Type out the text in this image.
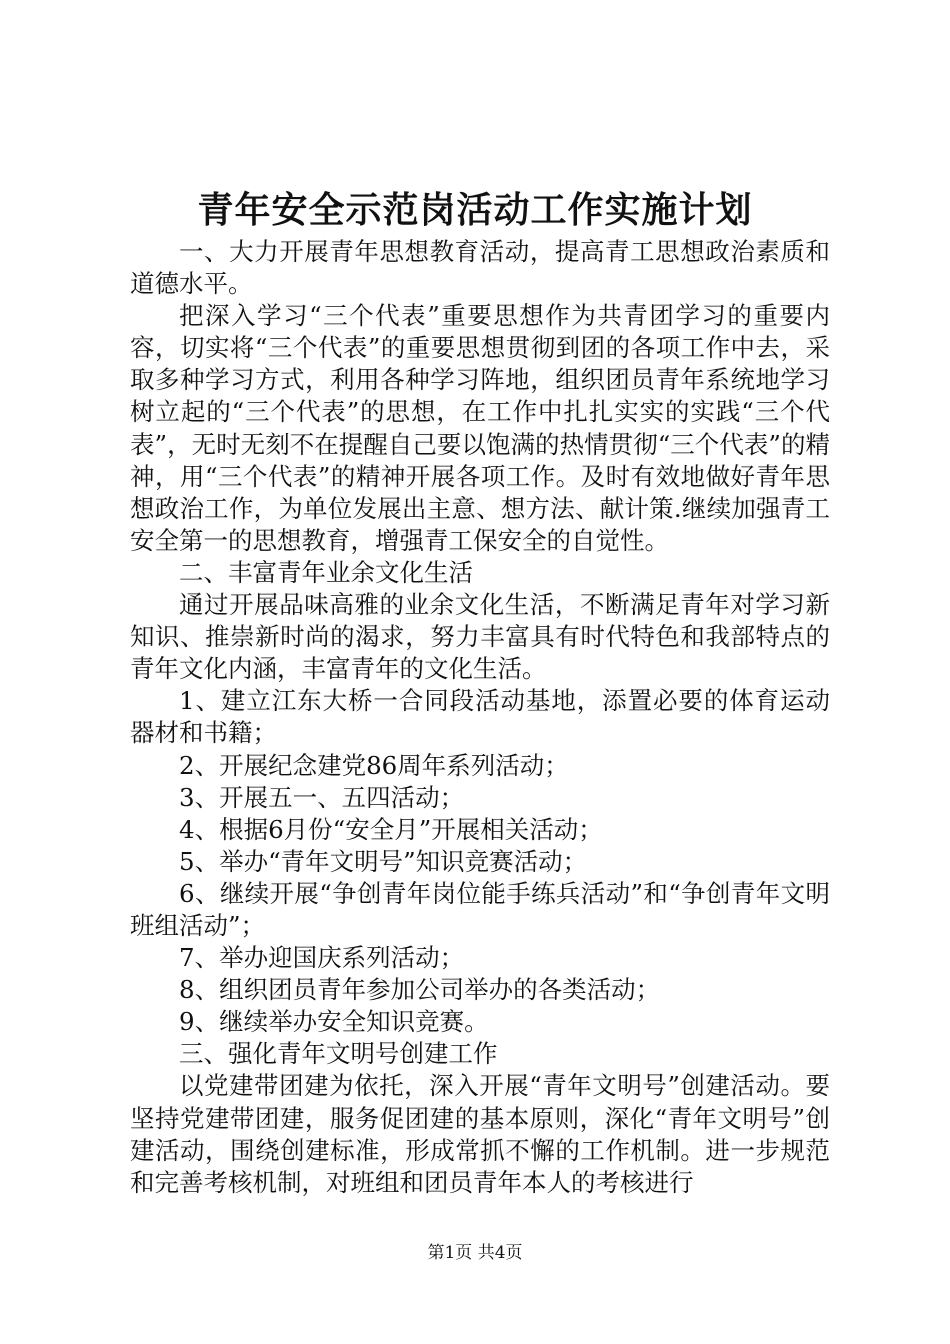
青年安全示范岗活动工作实施计划

一、大力开展青年思想教育活动，提高青工思想政治素质和道德水平。

把深入学习“三个代表”重要思想作为共青团学习的重要内容，切实将“三个代表”的重要思想贯彻到团的各项工作中去，采取多种学习方式，利用各种学习阵地，组织团员青年系统地学习树立起的“三个代表”的思想，在工作中扎扎实实的实践“三个代表”，无时无刻不在提醒自己要以饱满的热情贯彻“三个代表”的精神，用“三个代表”的精神开展各项工作。及时有效地做好青年思想政治工作，为单位发展出主意、想方法、献计策.继续加强青工安全第一的思想教育，增强青工保安全的自觉性。

二、丰富青年业余文化生活

通过开展品味高雅的业余文化生活，不断满足青年对学习新知识、推崇新时尚的渴求，努力丰富具有时代特色和我部特点的青年文化内涵，丰富青年的文化生活。

1、建立江东大桥一合同段活动基地，添置必要的体育运动器材和书籍；

2、开展纪念建党86周年系列活动；

3、开展五一、五四活动；

4、根据6月份“安全月”开展相关活动；

5、举办“青年文明号”知识竞赛活动；

6、继续开展“争创青年岗位能手练兵活动”和“争创青年文明班组活动”；

7、举办迎国庆系列活动；

8、组织团员青年参加公司举办的各类活动；

9、继续举办安全知识竞赛。

三、强化青年文明号创建工作

以党建带团建为依托，深入开展“青年文明号”创建活动。要坚持党建带团建，服务促团建的基本原则，深化“青年文明号”创建活动，围绕创建标准，形成常抓不懈的工作机制。进一步规范和完善考核机制，对班组和团员青年本人的考核进行

第1页 共4页
